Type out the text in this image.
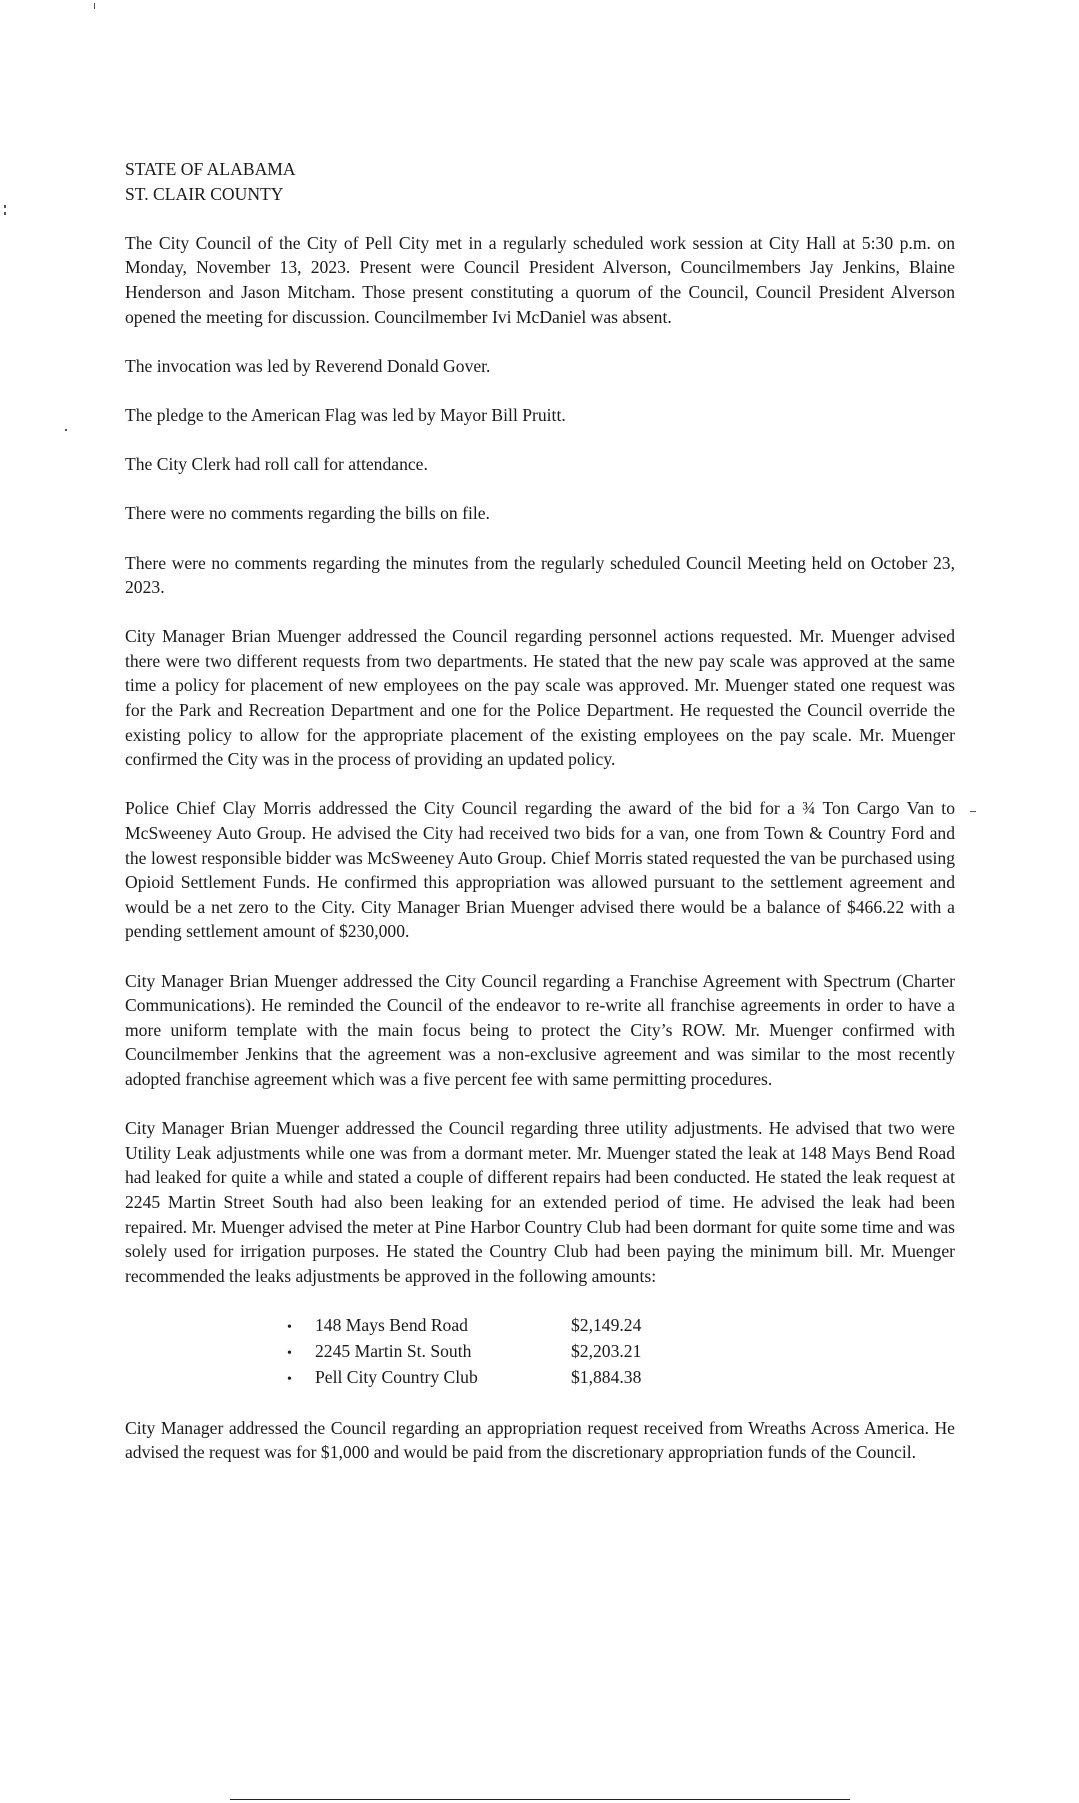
STATE OF ALABAMA
ST. CLAIR COUNTY

The City Council of the City of Pell City met in a regularly scheduled work session at City Hall at 5:30 p.m. on Monday, November 13, 2023. Present were Council President Alverson, Councilmembers Jay Jenkins, Blaine Henderson and Jason Mitcham. Those present constituting a quorum of the Council, Council President Alverson opened the meeting for discussion. Councilmember Ivi McDaniel was absent.

The invocation was led by Reverend Donald Gover.

The pledge to the American Flag was led by Mayor Bill Pruitt.

The City Clerk had roll call for attendance.

There were no comments regarding the bills on file.

There were no comments regarding the minutes from the regularly scheduled Council Meeting held on October 23, 2023.

City Manager Brian Muenger addressed the Council regarding personnel actions requested. Mr. Muenger advised there were two different requests from two departments. He stated that the new pay scale was approved at the same time a policy for placement of new employees on the pay scale was approved. Mr. Muenger stated one request was for the Park and Recreation Department and one for the Police Department. He requested the Council override the existing policy to allow for the appropriate placement of the existing employees on the pay scale. Mr. Muenger confirmed the City was in the process of providing an updated policy.

Police Chief Clay Morris addressed the City Council regarding the award of the bid for a ¾ Ton Cargo Van to McSweeney Auto Group. He advised the City had received two bids for a van, one from Town & Country Ford and the lowest responsible bidder was McSweeney Auto Group. Chief Morris stated requested the van be purchased using Opioid Settlement Funds. He confirmed this appropriation was allowed pursuant to the settlement agreement and would be a net zero to the City. City Manager Brian Muenger advised there would be a balance of $466.22 with a pending settlement amount of $230,000.

City Manager Brian Muenger addressed the City Council regarding a Franchise Agreement with Spectrum (Charter Communications). He reminded the Council of the endeavor to re-write all franchise agreements in order to have a more uniform template with the main focus being to protect the City’s ROW. Mr. Muenger confirmed with Councilmember Jenkins that the agreement was a non-exclusive agreement and was similar to the most recently adopted franchise agreement which was a five percent fee with same permitting procedures.

City Manager Brian Muenger addressed the Council regarding three utility adjustments. He advised that two were Utility Leak adjustments while one was from a dormant meter. Mr. Muenger stated the leak at 148 Mays Bend Road had leaked for quite a while and stated a couple of different repairs had been conducted. He stated the leak request at 2245 Martin Street South had also been leaking for an extended period of time. He advised the leak had been repaired. Mr. Muenger advised the meter at Pine Harbor Country Club had been dormant for quite some time and was solely used for irrigation purposes. He stated the Country Club had been paying the minimum bill. Mr. Muenger recommended the leaks adjustments be approved in the following amounts:

•	148 Mays Bend Road	$2,149.24
•	2245 Martin St. South	$2,203.21
•	Pell City Country Club	$1,884.38

City Manager addressed the Council regarding an appropriation request received from Wreaths Across America. He advised the request was for $1,000 and would be paid from the discretionary appropriation funds of the Council.
